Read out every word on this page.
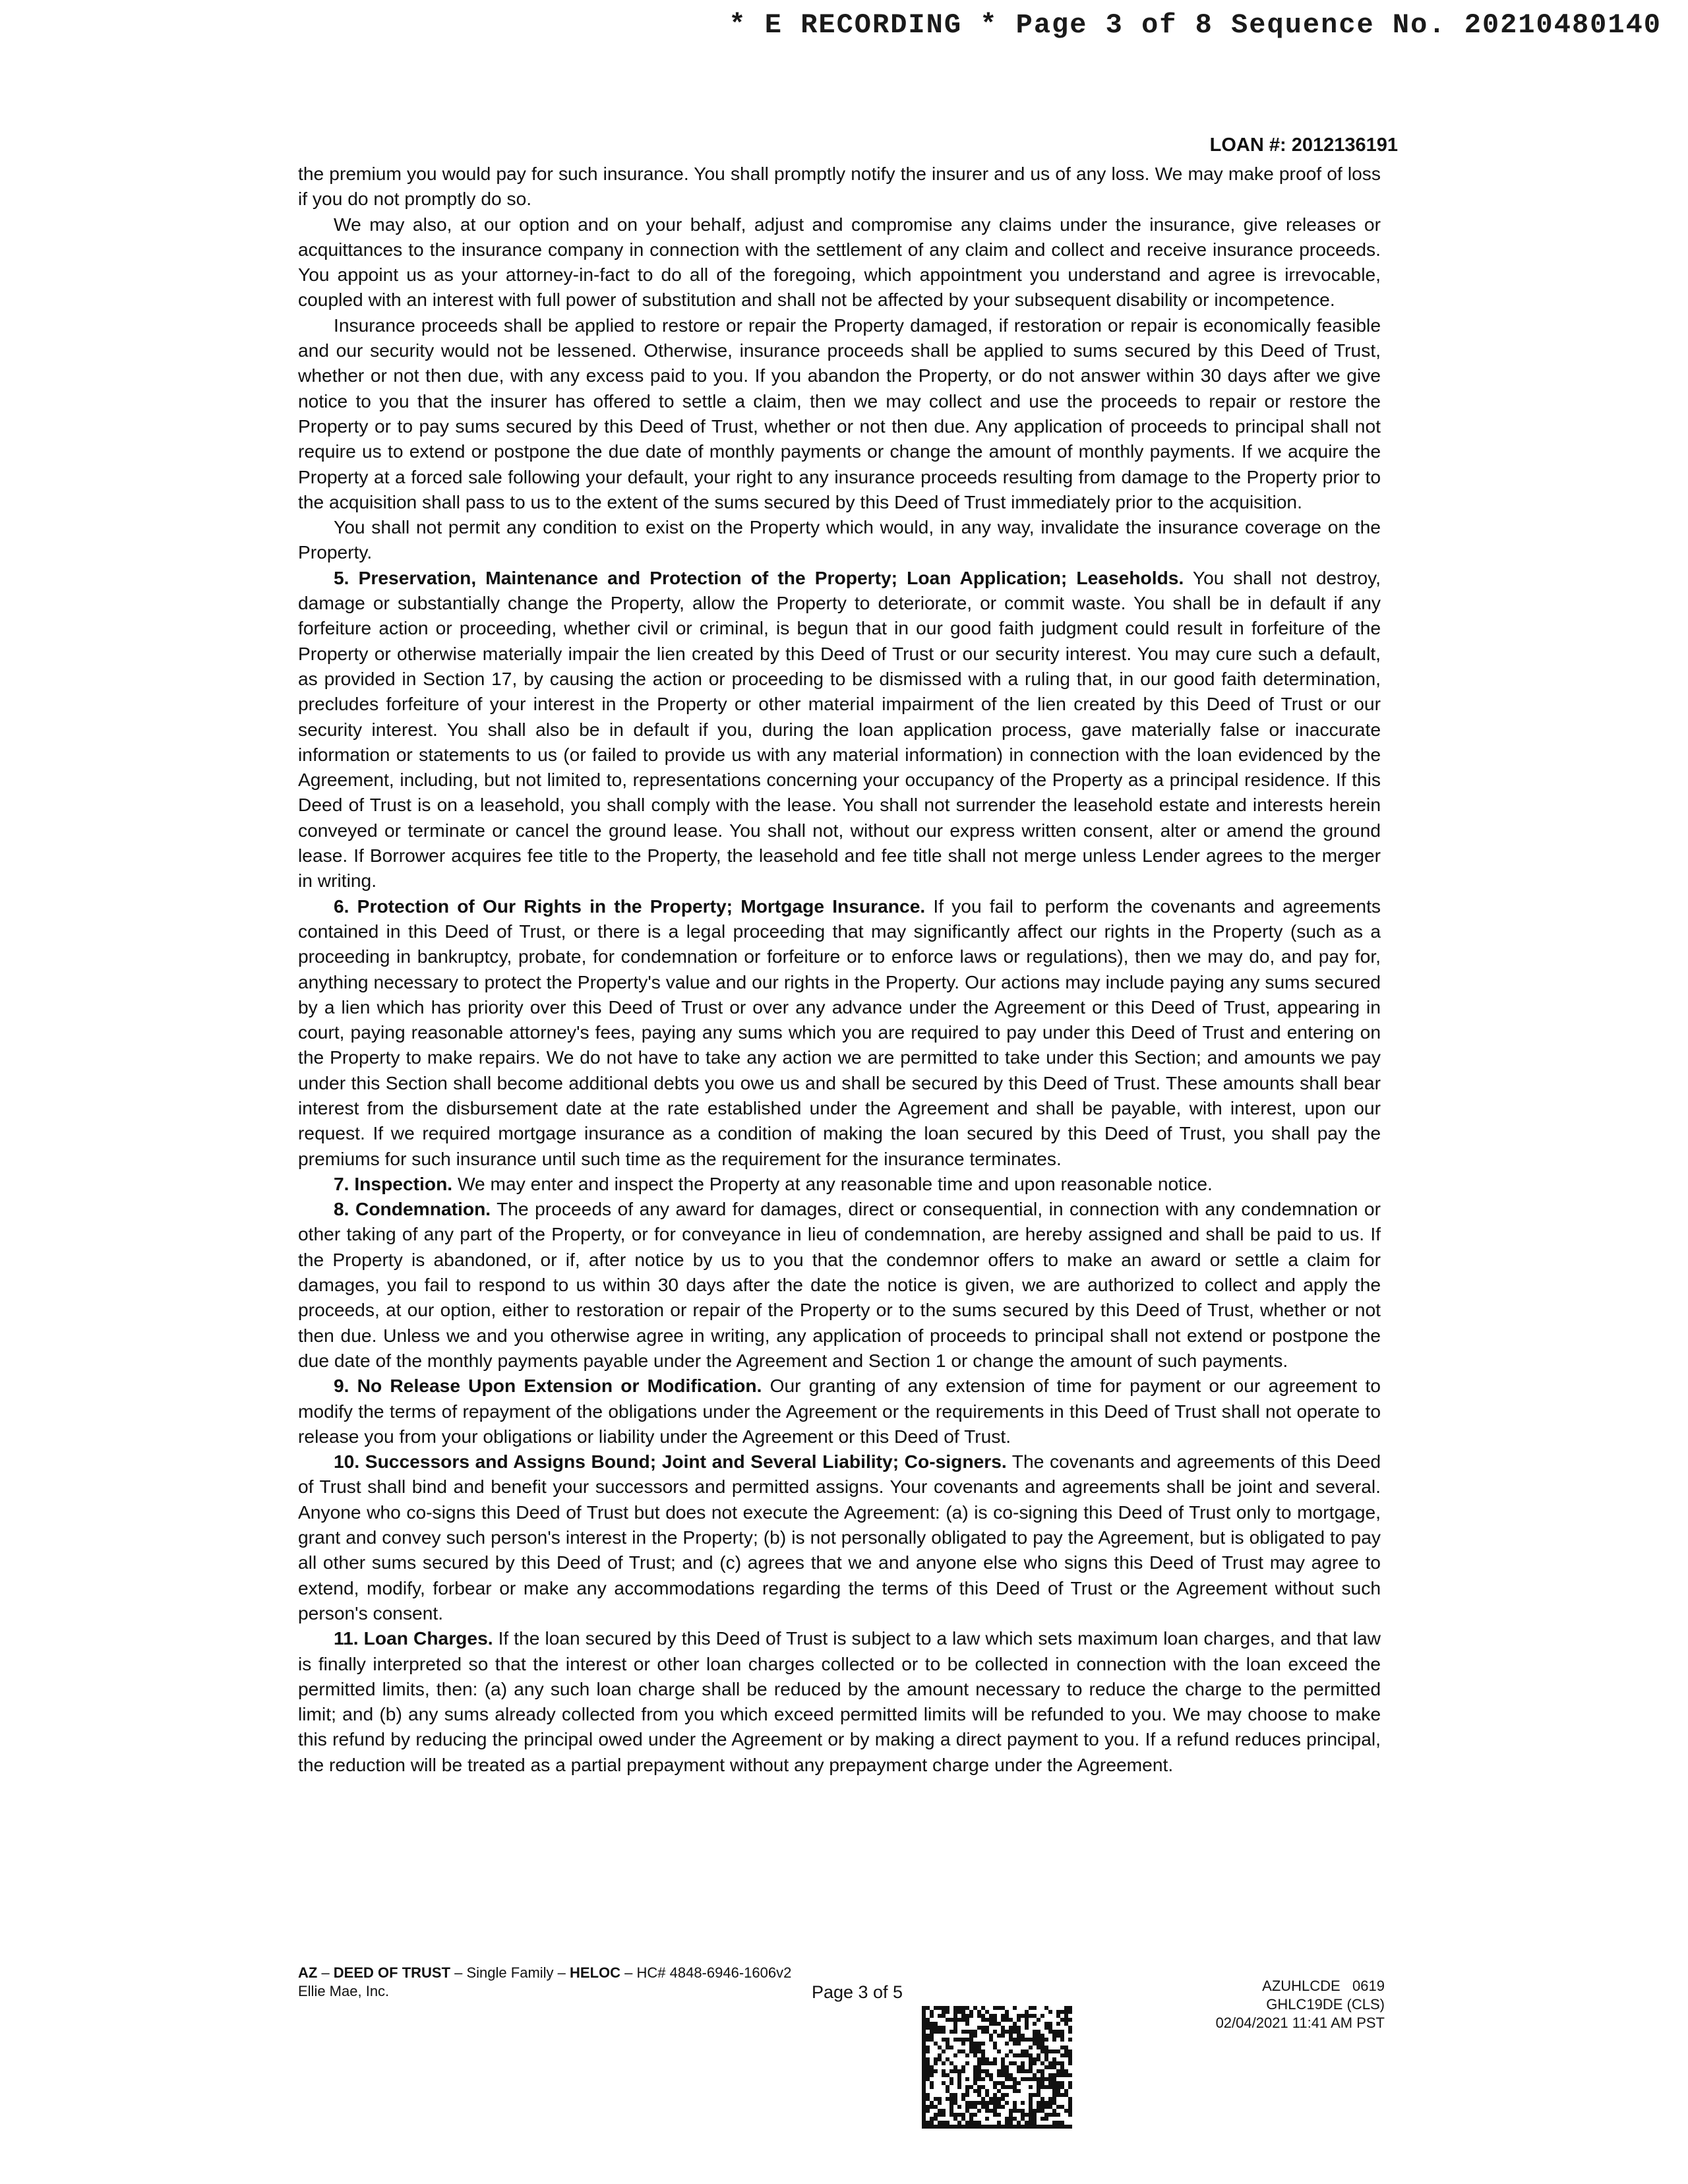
* E RECORDING * Page 3 of 8 Sequence No. 20210480140
LOAN #: 2012136191

the premium you would pay for such insurance. You shall promptly notify the insurer and us of any loss. We may make proof of loss if you do not promptly do so.

We may also, at our option and on your behalf, adjust and compromise any claims under the insurance, give releases or acquittances to the insurance company in connection with the settlement of any claim and collect and receive insurance proceeds. You appoint us as your attorney-in-fact to do all of the foregoing, which appointment you understand and agree is irrevocable, coupled with an interest with full power of substitution and shall not be affected by your subsequent disability or incompetence.

Insurance proceeds shall be applied to restore or repair the Property damaged, if restoration or repair is economically feasible and our security would not be lessened. Otherwise, insurance proceeds shall be applied to sums secured by this Deed of Trust, whether or not then due, with any excess paid to you. If you abandon the Property, or do not answer within 30 days after we give notice to you that the insurer has offered to settle a claim, then we may collect and use the proceeds to repair or restore the Property or to pay sums secured by this Deed of Trust, whether or not then due. Any application of proceeds to principal shall not require us to extend or postpone the due date of monthly payments or change the amount of monthly payments. If we acquire the Property at a forced sale following your default, your right to any insurance proceeds resulting from damage to the Property prior to the acquisition shall pass to us to the extent of the sums secured by this Deed of Trust immediately prior to the acquisition.

You shall not permit any condition to exist on the Property which would, in any way, invalidate the insurance coverage on the Property.

5. Preservation, Maintenance and Protection of the Property; Loan Application; Leaseholds. You shall not destroy, damage or substantially change the Property, allow the Property to deteriorate, or commit waste. You shall be in default if any forfeiture action or proceeding, whether civil or criminal, is begun that in our good faith judgment could result in forfeiture of the Property or otherwise materially impair the lien created by this Deed of Trust or our security interest. You may cure such a default, as provided in Section 17, by causing the action or proceeding to be dismissed with a ruling that, in our good faith determination, precludes forfeiture of your interest in the Property or other material impairment of the lien created by this Deed of Trust or our security interest. You shall also be in default if you, during the loan application process, gave materially false or inaccurate information or statements to us (or failed to provide us with any material information) in connection with the loan evidenced by the Agreement, including, but not limited to, representations concerning your occupancy of the Property as a principal residence. If this Deed of Trust is on a leasehold, you shall comply with the lease. You shall not surrender the leasehold estate and interests herein conveyed or terminate or cancel the ground lease. You shall not, without our express written consent, alter or amend the ground lease. If Borrower acquires fee title to the Property, the leasehold and fee title shall not merge unless Lender agrees to the merger in writing.

6. Protection of Our Rights in the Property; Mortgage Insurance. If you fail to perform the covenants and agreements contained in this Deed of Trust, or there is a legal proceeding that may significantly affect our rights in the Property (such as a proceeding in bankruptcy, probate, for condemnation or forfeiture or to enforce laws or regulations), then we may do, and pay for, anything necessary to protect the Property's value and our rights in the Property. Our actions may include paying any sums secured by a lien which has priority over this Deed of Trust or over any advance under the Agreement or this Deed of Trust, appearing in court, paying reasonable attorney's fees, paying any sums which you are required to pay under this Deed of Trust and entering on the Property to make repairs. We do not have to take any action we are permitted to take under this Section; and amounts we pay under this Section shall become additional debts you owe us and shall be secured by this Deed of Trust. These amounts shall bear interest from the disbursement date at the rate established under the Agreement and shall be payable, with interest, upon our request. If we required mortgage insurance as a condition of making the loan secured by this Deed of Trust, you shall pay the premiums for such insurance until such time as the requirement for the insurance terminates.

7. Inspection. We may enter and inspect the Property at any reasonable time and upon reasonable notice.

8. Condemnation. The proceeds of any award for damages, direct or consequential, in connection with any condemnation or other taking of any part of the Property, or for conveyance in lieu of condemnation, are hereby assigned and shall be paid to us. If the Property is abandoned, or if, after notice by us to you that the condemnor offers to make an award or settle a claim for damages, you fail to respond to us within 30 days after the date the notice is given, we are authorized to collect and apply the proceeds, at our option, either to restoration or repair of the Property or to the sums secured by this Deed of Trust, whether or not then due. Unless we and you otherwise agree in writing, any application of proceeds to principal shall not extend or postpone the due date of the monthly payments payable under the Agreement and Section 1 or change the amount of such payments.

9. No Release Upon Extension or Modification. Our granting of any extension of time for payment or our agreement to modify the terms of repayment of the obligations under the Agreement or the requirements in this Deed of Trust shall not operate to release you from your obligations or liability under the Agreement or this Deed of Trust.

10. Successors and Assigns Bound; Joint and Several Liability; Co-signers. The covenants and agreements of this Deed of Trust shall bind and benefit your successors and permitted assigns. Your covenants and agreements shall be joint and several. Anyone who co-signs this Deed of Trust but does not execute the Agreement: (a) is co-signing this Deed of Trust only to mortgage, grant and convey such person's interest in the Property; (b) is not personally obligated to pay the Agreement, but is obligated to pay all other sums secured by this Deed of Trust; and (c) agrees that we and anyone else who signs this Deed of Trust may agree to extend, modify, forbear or make any accommodations regarding the terms of this Deed of Trust or the Agreement without such person's consent.

11. Loan Charges. If the loan secured by this Deed of Trust is subject to a law which sets maximum loan charges, and that law is finally interpreted so that the interest or other loan charges collected or to be collected in connection with the loan exceed the permitted limits, then: (a) any such loan charge shall be reduced by the amount necessary to reduce the charge to the permitted limit; and (b) any sums already collected from you which exceed permitted limits will be refunded to you. We may choose to make this refund by reducing the principal owed under the Agreement or by making a direct payment to you. If a refund reduces principal, the reduction will be treated as a partial prepayment without any prepayment charge under the Agreement.

AZ – DEED OF TRUST – Single Family – HELOC – HC# 4848-6946-1606v2
Ellie Mae, Inc.	Page 3 of 5	AZUHLCDE   0619
GHLC19DE (CLS)
02/04/2021 11:41 AM PST
